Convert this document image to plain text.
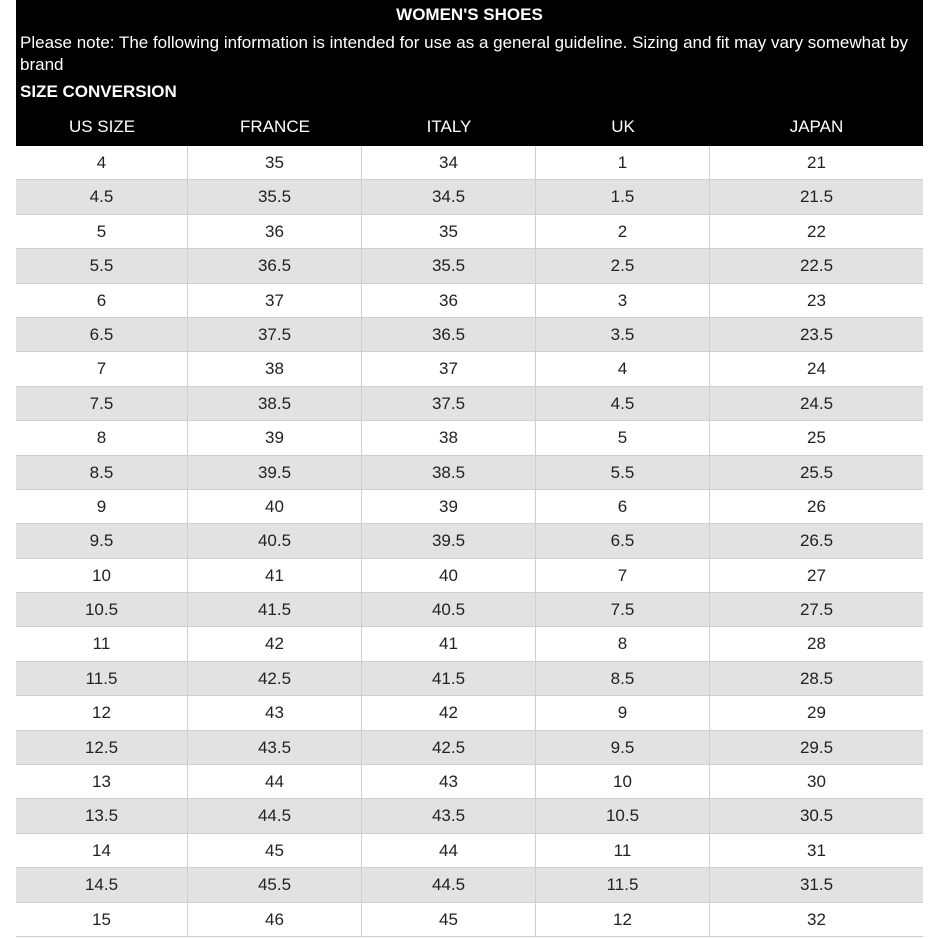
WOMEN'S SHOES
Please note: The following information is intended for use as a general guideline. Sizing and fit may vary somewhat by brand
SIZE CONVERSION
US SIZE	FRANCE	ITALY	UK	JAPAN
4	35	34	1	21
4.5	35.5	34.5	1.5	21.5
5	36	35	2	22
5.5	36.5	35.5	2.5	22.5
6	37	36	3	23
6.5	37.5	36.5	3.5	23.5
7	38	37	4	24
7.5	38.5	37.5	4.5	24.5
8	39	38	5	25
8.5	39.5	38.5	5.5	25.5
9	40	39	6	26
9.5	40.5	39.5	6.5	26.5
10	41	40	7	27
10.5	41.5	40.5	7.5	27.5
11	42	41	8	28
11.5	42.5	41.5	8.5	28.5
12	43	42	9	29
12.5	43.5	42.5	9.5	29.5
13	44	43	10	30
13.5	44.5	43.5	10.5	30.5
14	45	44	11	31
14.5	45.5	44.5	11.5	31.5
15	46	45	12	32
